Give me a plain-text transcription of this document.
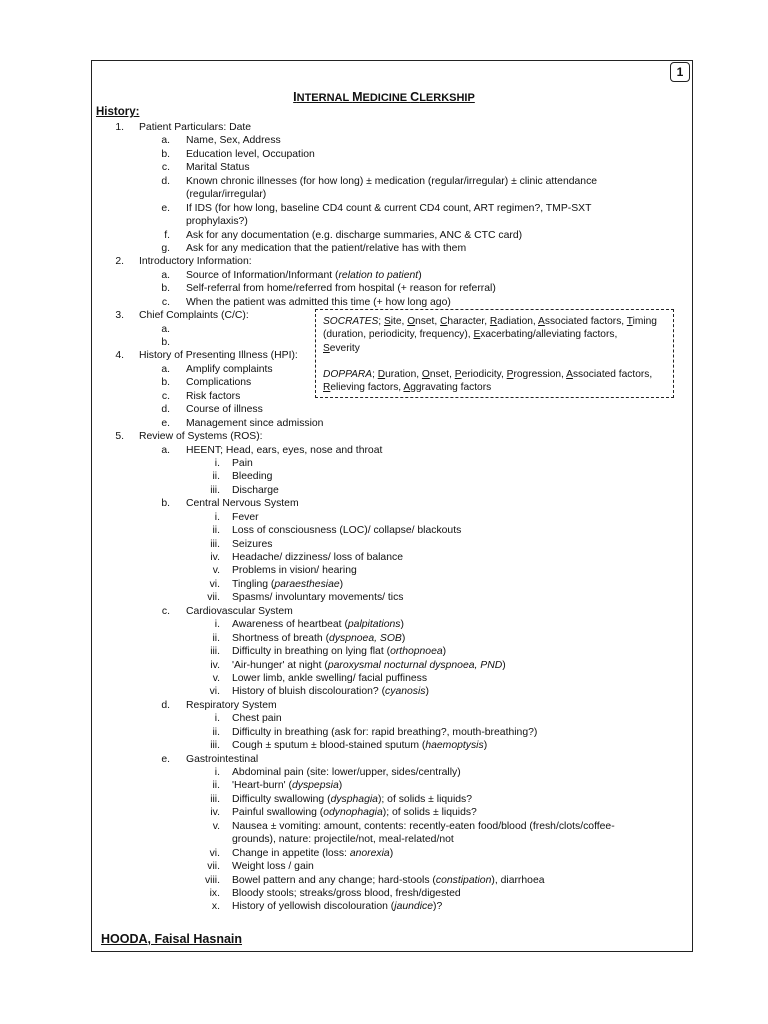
1
INTERNAL MEDICINE CLERKSHIP
History:
1. Patient Particulars: Date
a. Name, Sex, Address
b. Education level, Occupation
c. Marital Status
d. Known chronic illnesses (for how long) ± medication (regular/irregular) ± clinic attendance
(regular/irregular)
e. If IDS (for how long, baseline CD4 count & current CD4 count, ART regimen?, TMP-SXT
prophylaxis?)
f. Ask for any documentation (e.g. discharge summaries, ANC & CTC card)
g. Ask for any medication that the patient/relative has with them
2. Introductory Information:
a. Source of Information/Informant (relation to patient)
b. Self-referral from home/referred from hospital (+ reason for referral)
c. When the patient was admitted this time (+ how long ago)
3. Chief Complaints (C/C):
a.
b.
4. History of Presenting Illness (HPI):
a. Amplify complaints
b. Complications
c. Risk factors
d. Course of illness
e. Management since admission
5. Review of Systems (ROS):
a. HEENT; Head, ears, eyes, nose and throat
i. Pain
ii. Bleeding
iii. Discharge
b. Central Nervous System
i. Fever
ii. Loss of consciousness (LOC)/ collapse/ blackouts
iii. Seizures
iv. Headache/ dizziness/ loss of balance
v. Problems in vision/ hearing
vi. Tingling (paraesthesiae)
vii. Spasms/ involuntary movements/ tics
c. Cardiovascular System
i. Awareness of heartbeat (palpitations)
ii. Shortness of breath (dyspnoea, SOB)
iii. Difficulty in breathing on lying flat (orthopnoea)
iv. 'Air-hunger' at night (paroxysmal nocturnal dyspnoea, PND)
v. Lower limb, ankle swelling/ facial puffiness
vi. History of bluish discolouration? (cyanosis)
d. Respiratory System
i. Chest pain
ii. Difficulty in breathing (ask for: rapid breathing?, mouth-breathing?)
iii. Cough ± sputum ± blood-stained sputum (haemoptysis)
e. Gastrointestinal
i. Abdominal pain (site: lower/upper, sides/centrally)
ii. 'Heart-burn' (dyspepsia)
iii. Difficulty swallowing (dysphagia); of solids ± liquids?
iv. Painful swallowing (odynophagia); of solids ± liquids?
v. Nausea ± vomiting: amount, contents: recently-eaten food/blood (fresh/clots/coffee-
grounds), nature: projectile/not, meal-related/not
vi. Change in appetite (loss: anorexia)
vii. Weight loss / gain
viii. Bowel pattern and any change; hard-stools (constipation), diarrhoea
ix. Bloody stools; streaks/gross blood, fresh/digested
x. History of yellowish discolouration (jaundice)?
SOCRATES; Site, Onset, Character, Radiation, Associated factors, Timing
(duration, periodicity, frequency), Exacerbating/alleviating factors,
Severity
DOPPARA; Duration, Onset, Periodicity, Progression, Associated factors,
Relieving factors, Aggravating factors
HOODA, Faisal Hasnain
